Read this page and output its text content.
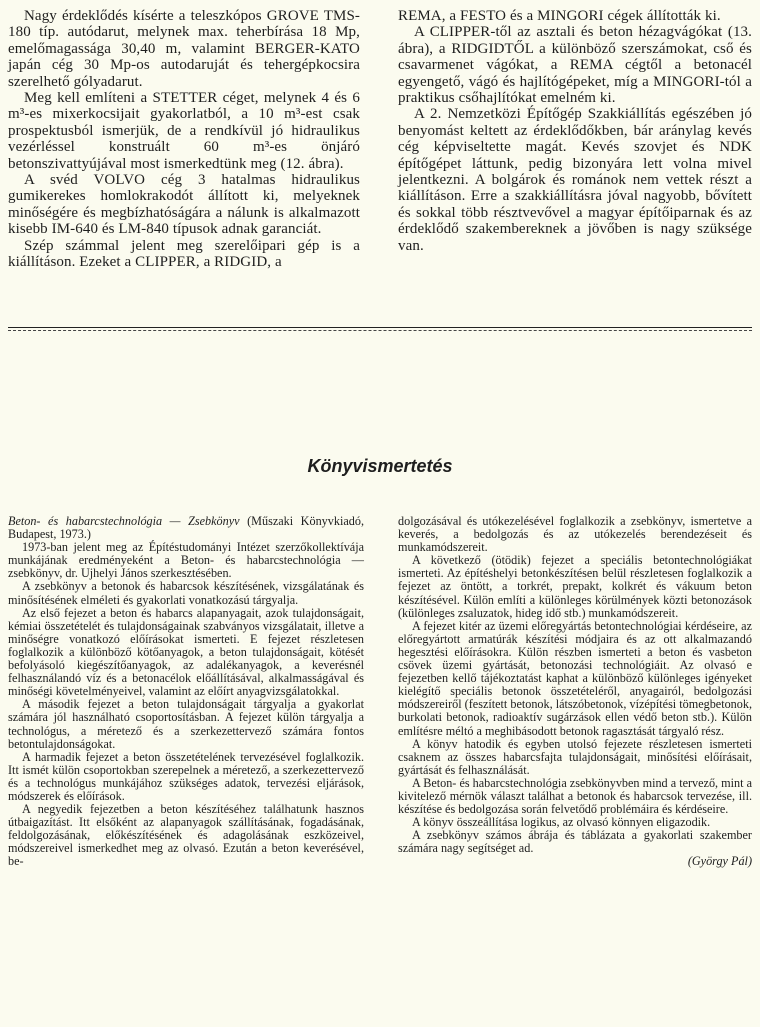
Nagy érdeklődés kísérte a teleszkópos GROVE TMS-180 típ. autódarut, melynek max. teherbírása 18 Mp, emelőmagassága 30,40 m, valamint BERGER-KATO japán cég 30 Mp-os autodaruját és tehergépkocsira szerelhető gólyadarut.

Meg kell említeni a STETTER céget, melynek 4 és 6 m³-es mixerkocsijait gyakorlatból, a 10 m³-est csak prospektusból ismerjük, de a rendkívül jó hidraulikus vezérléssel konstruált 60 m³-es önjáró betonszivattyújával most ismerkedtünk meg (12. ábra).

A svéd VOLVO cég 3 hatalmas hidraulikus gumikerekes homlokrakodót állított ki, melyeknek minőségére és megbízhatóságára a nálunk is alkalmazott kisebb IM-640 és LM-840 típusok adnak garanciát.

Szép számmal jelent meg szerelőipari gép is a kiállításon. Ezeket a CLIPPER, a RIDGID, a

REMA, a FESTO és a MINGORI cégek állították ki.

A CLIPPER-től az asztali és beton hézagvágókat (13. ábra), a RIDGIDTŐL a különböző szerszámokat, cső és csavarmenet vágókat, a REMA cégtől a betonacél egyengető, vágó és hajlítógépeket, míg a MINGORI-tól a praktikus csőhajlítókat emelném ki.

A 2. Nemzetközi Építőgép Szakkiállítás egészében jó benyomást keltett az érdeklődőkben, bár aránylag kevés cég képviseltette magát. Kevés szovjet és NDK építőgépet láttunk, pedig bizonyára lett volna mivel jelentkezni. A bolgárok és románok nem vettek részt a kiállításon. Erre a szakkiállításra jóval nagyobb, bővített és sokkal több résztvevővel a magyar építőiparnak és az érdeklődő szakembereknek a jövőben is nagy szüksége van.

Könyvismertetés

Beton- és habarcstechnológia — Zsebkönyv (Műszaki Könyvkiadó, Budapest, 1973.)

1973-ban jelent meg az Építéstudományi Intézet szerzőkollektívája munkájának eredményeként a Beton- és habarcstechnológia — zsebkönyv, dr. Ujhelyi János szerkesztésében.

A zsebkönyv a betonok és habarcsok készítésének, vizsgálatának és minősítésének elméleti és gyakorlati vonatkozású tárgyalja.

Az első fejezet a beton és habarcs alapanyagait, azok tulajdonságait, kémiai összetételét és tulajdonságainak szabványos vizsgálatait, illetve a minőségre vonatkozó előírásokat ismerteti. E fejezet részletesen foglalkozik a különböző kötőanyagok, a beton tulajdonságait, kötését befolyásoló kiegészítőanyagok, az adalékanyagok, a keverésnél felhasználandó víz és a betonacélok előállításával, alkalmasságával és minőségi követelményeivel, valamint az előírt anyagvizsgálatokkal.

A második fejezet a beton tulajdonságait tárgyalja a gyakorlat számára jól használható csoportosításban. A fejezet külön tárgyalja a technológus, a méretező és a szerkezettervező számára fontos betontulajdonságokat.

A harmadik fejezet a beton összetételének tervezésével foglalkozik. Itt ismét külön csoportokban szerepelnek a méretező, a szerkezettervező és a technológus munkájához szükséges adatok, tervezési eljárások, módszerek és előírások.

A negyedik fejezetben a beton készítéséhez találhatunk hasznos útbaigazítást. Itt elsőként az alapanyagok szállításának, fogadásának, feldolgozásának, előkészítésének és adagolásának eszközeivel, módszereivel ismerkedhet meg az olvasó. Ezután a beton keverésével, be-

dolgozásával és utókezelésével foglalkozik a zsebkönyv, ismertetve a keverés, a bedolgozás és az utókezelés berendezéseit és munkamódszereit.

A következő (ötödik) fejezet a speciális betontechnológiákat ismerteti. Az építéshelyi betonkészítésen belül részletesen foglalkozik a fejezet az öntött, a torkrét, prepakt, kolkrét és vákuum beton készítésével. Külön említi a különleges körülmények közti betonozások (különleges zsaluzatok, hideg idő stb.) munkamódszereit.

A fejezet kitér az üzemi előregyártás betontechnológiai kérdéseire, az előregyártott armatúrák készítési módjaira és az ott alkalmazandó hegesztési előírásokra. Külön részben ismerteti a beton és vasbeton csövek üzemi gyártását, betonozási technológiáit. Az olvasó e fejezetben kellő tájékoztatást kaphat a különböző különleges igényeket kielégítő speciális betonok összetételéről, anyagairól, bedolgozási módszereiről (feszített betonok, látszóbetonok, vízépítési tömegbetonok, burkolati betonok, radioaktív sugárzások ellen védő beton stb.). Külön említésre méltó a meghibásodott betonok ragasztását tárgyaló rész.

A könyv hatodik és egyben utolsó fejezete részletesen ismerteti csaknem az összes habarcsfajta tulajdonságait, minősítési előírásait, gyártását és felhasználását.

A Beton- és habarcstechnológia zsebkönyvben mind a tervező, mint a kivitelező mérnök választ találhat a betonok és habarcsok tervezése, ill. készítése és bedolgozása során felvetődő problémáira és kérdéseire.

A könyv összeállítása logikus, az olvasó könnyen eligazodik.

A zsebkönyv számos ábrája és táblázata a gyakorlati szakember számára nagy segítséget ad.

(György Pál)
